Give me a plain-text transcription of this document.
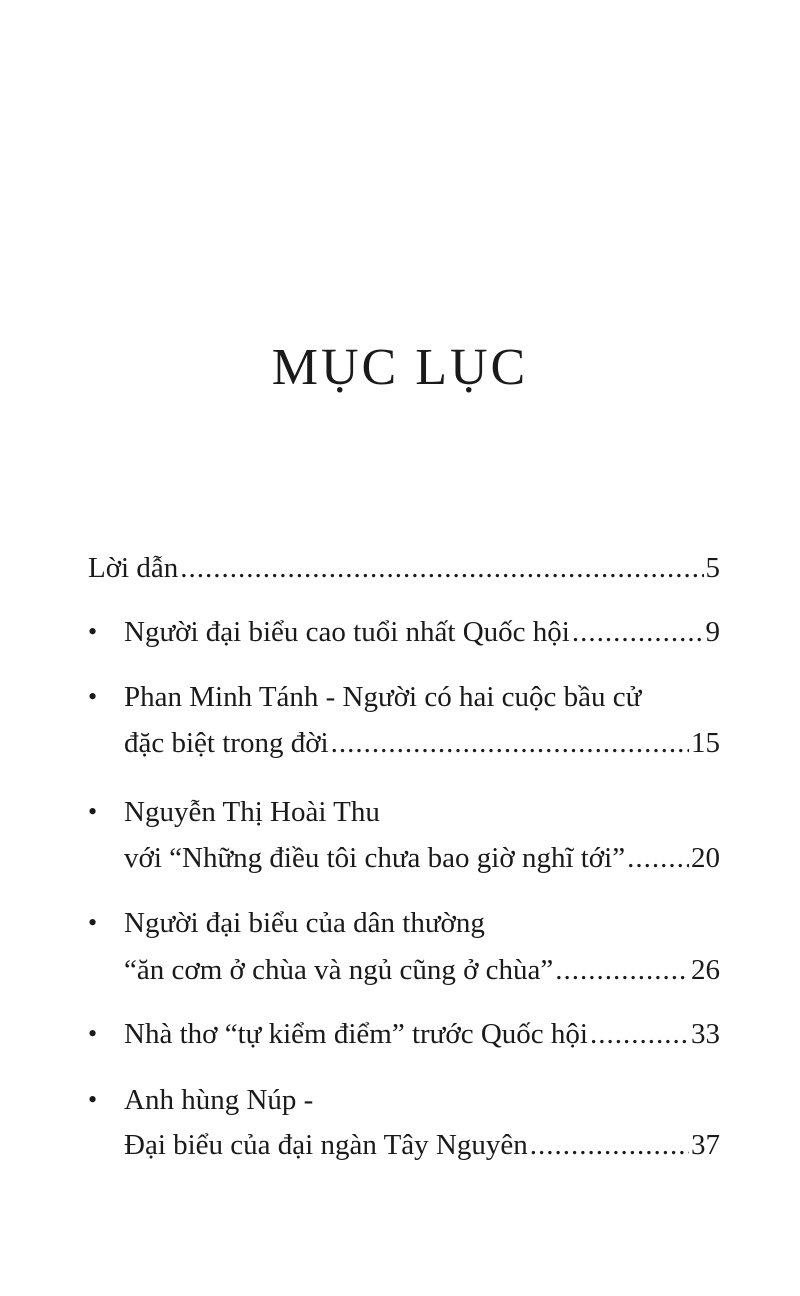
MỤC LỤC
Lời dẫn .....	5
• Người đại biểu cao tuổi nhất Quốc hội .....	9
• Phan Minh Tánh - Người có hai cuộc bầu cử
đặc biệt trong đời .....	15
• Nguyễn Thị Hoài Thu
với “Những điều tôi chưa bao giờ nghĩ tới” ..... 20
• Người đại biểu của dân thường
“ăn cơm ở chùa và ngủ cũng ở chùa” .....	26
• Nhà thơ “tự kiểm điểm” trước Quốc hội .....	33
• Anh hùng Núp -
Đại biểu của đại ngàn Tây Nguyên .....	37
